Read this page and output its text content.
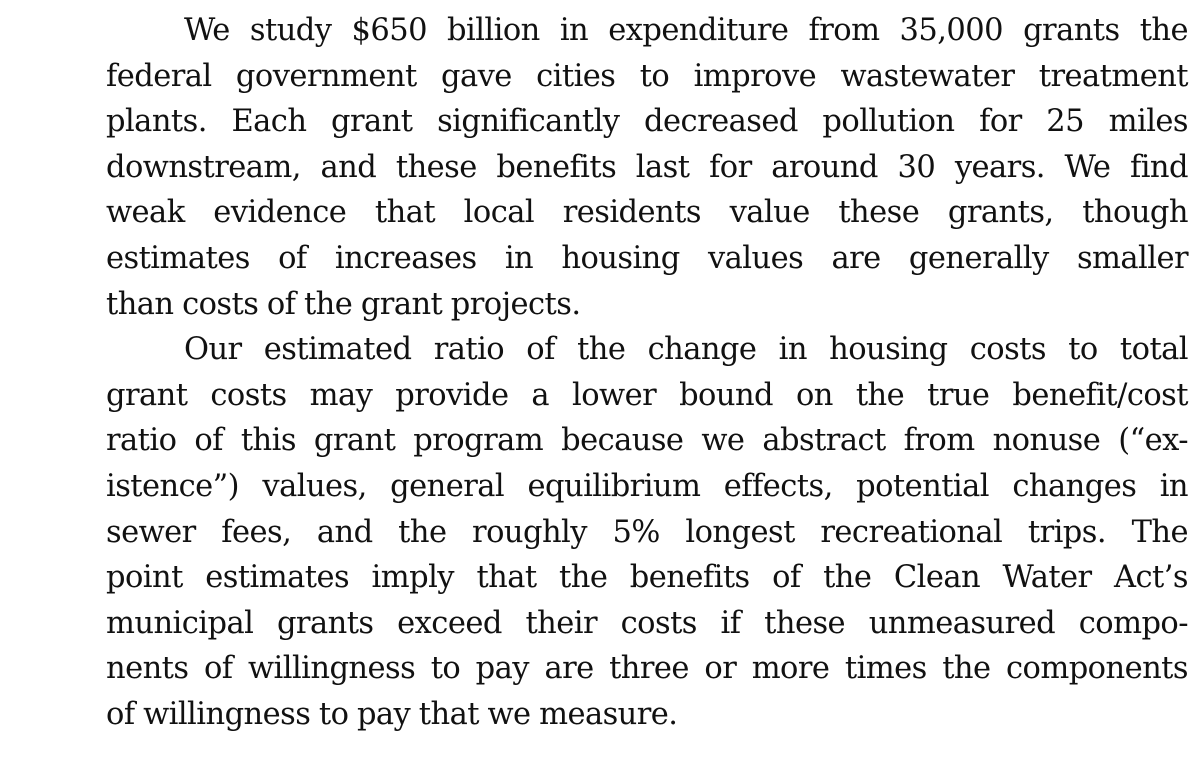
We study $650 billion in expenditure from 35,000 grants the
federal government gave cities to improve wastewater treatment
plants. Each grant significantly decreased pollution for 25 miles
downstream, and these benefits last for around 30 years. We find
weak evidence that local residents value these grants, though
estimates of increases in housing values are generally smaller
than costs of the grant projects.
Our estimated ratio of the change in housing costs to total
grant costs may provide a lower bound on the true benefit/cost
ratio of this grant program because we abstract from nonuse (“ex-
istence”) values, general equilibrium effects, potential changes in
sewer fees, and the roughly 5% longest recreational trips. The
point estimates imply that the benefits of the Clean Water Act’s
municipal grants exceed their costs if these unmeasured compo-
nents of willingness to pay are three or more times the components
of willingness to pay that we measure.
